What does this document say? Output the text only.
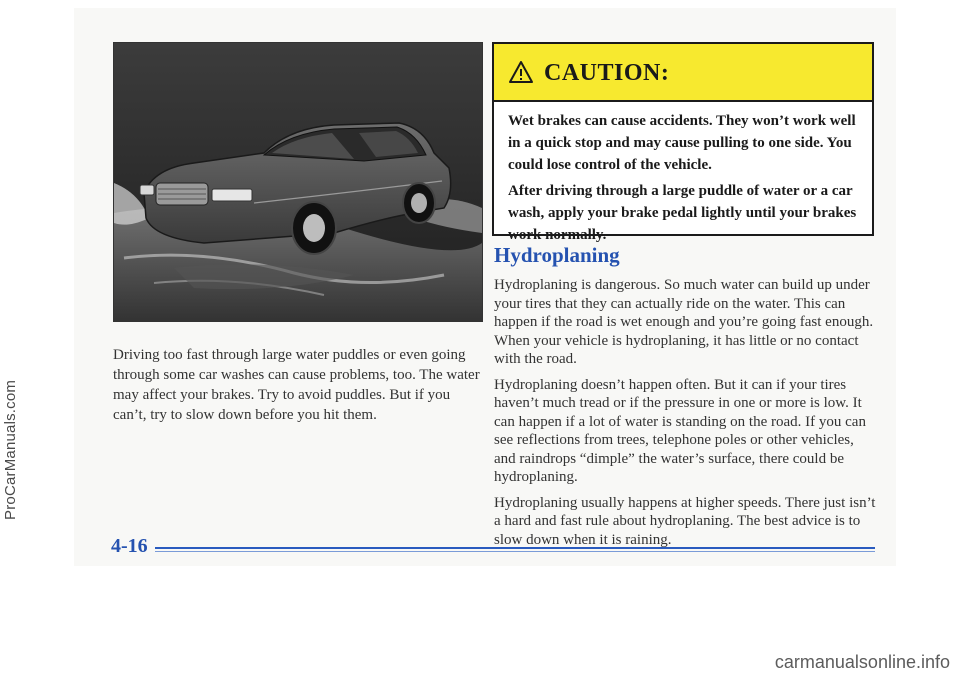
ProCarManuals.com

Driving too fast through large water puddles or even going through some car washes can cause problems, too. The water may affect your brakes. Try to avoid puddles. But if you can’t, try to slow down before you hit them.

CAUTION:

Wet brakes can cause accidents. They won’t work well in a quick stop and may cause pulling to one side. You could lose control of the vehicle.

After driving through a large puddle of water or a car wash, apply your brake pedal lightly until your brakes work normally.

Hydroplaning

Hydroplaning is dangerous. So much water can build up under your tires that they can actually ride on the water. This can happen if the road is wet enough and you’re going fast enough. When your vehicle is hydroplaning, it has little or no contact with the road.

Hydroplaning doesn’t happen often. But it can if your tires haven’t much tread or if the pressure in one or more is low. It can happen if a lot of water is standing on the road. If you can see reflections from trees, telephone poles or other vehicles, and raindrops “dimple” the water’s surface, there could be hydroplaning.

Hydroplaning usually happens at higher speeds. There just isn’t a hard and fast rule about hydroplaning. The best advice is to slow down when it is raining.

4-16
carmanualsonline.info
